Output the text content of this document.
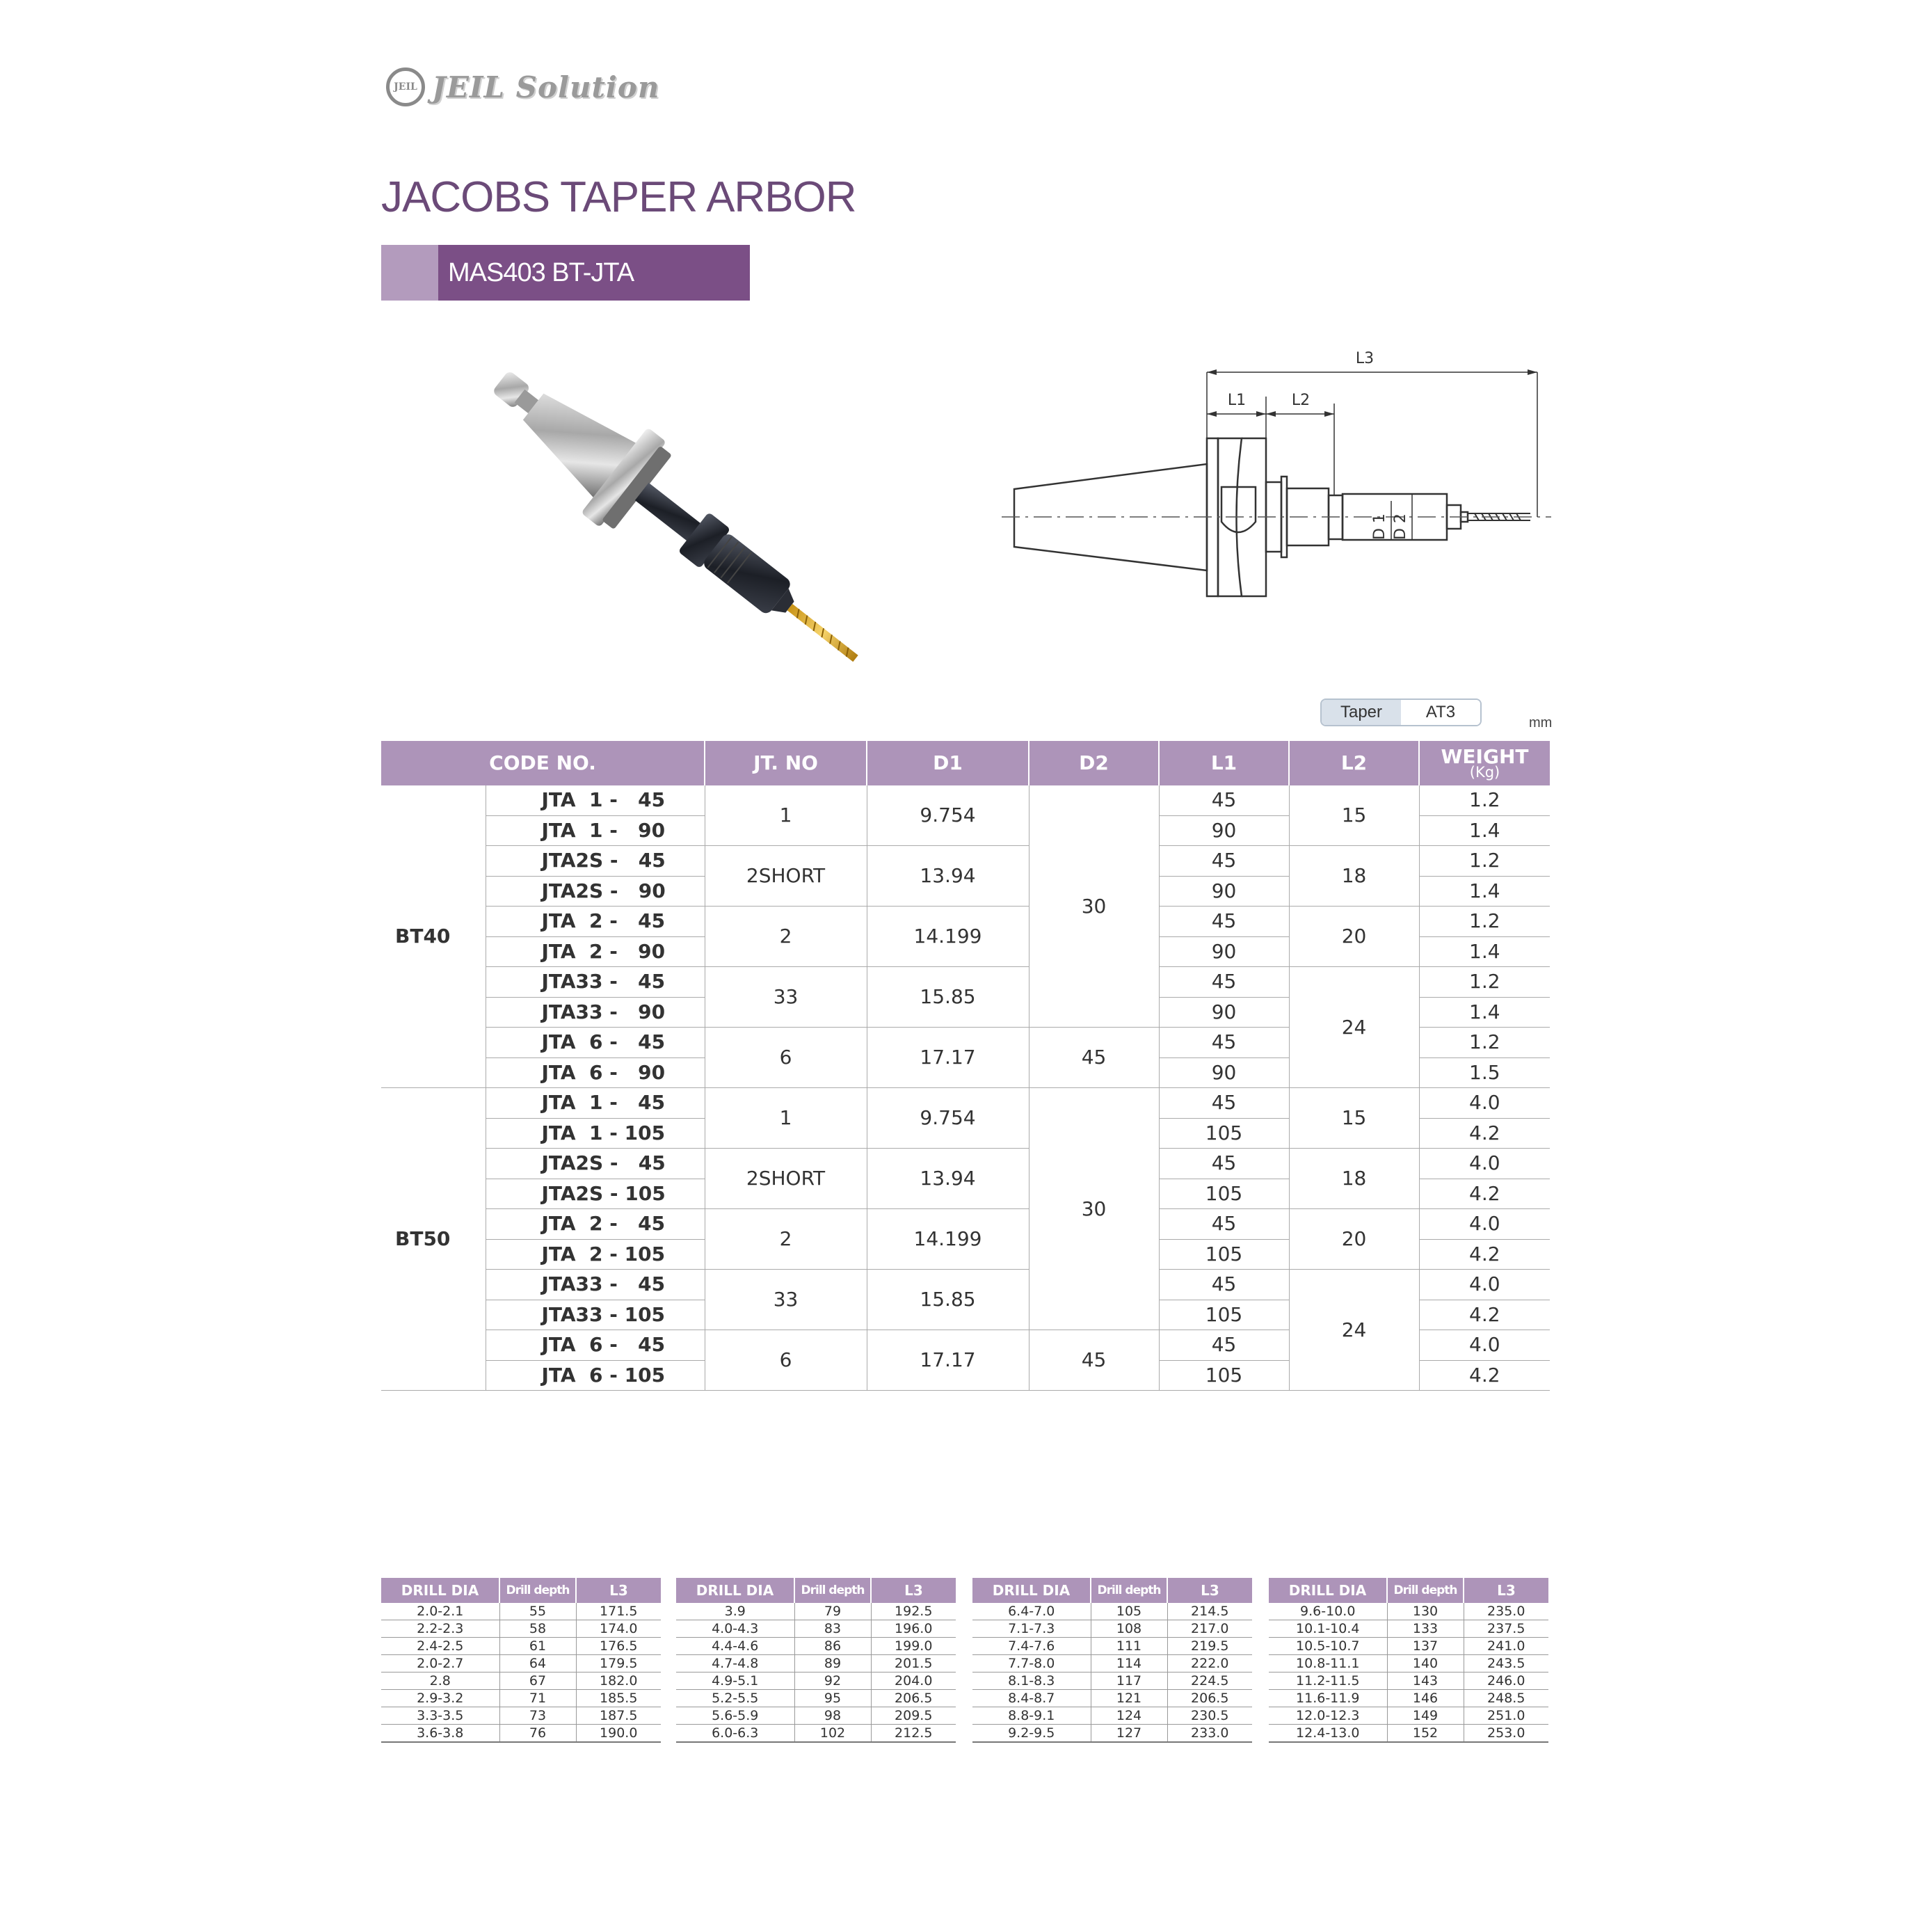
JEIL JEIL Solution
JACOBS TAPER ARBOR
MAS403 BT-JTA
L3
L1	L2
D 1 D 2
Taper	AT3
mm
CODE NO.		JT. NO	D1	D2	L1	L2	WEIGHT
(Kg)

BT40	JTA  1 -   45	1	9.754	30	45	15	1.2
	JTA  1 -   90				90		1.4
	JTA2S -   45	2SHORT	13.94		45	18	1.2
	JTA2S -   90				90		1.4
	JTA  2 -   45	2	14.199		45	20	1.2
	JTA  2 -   90				90		1.4
	JTA33 -   45	33	15.85		45	24	1.2
	JTA33 -   90				90		1.4
	JTA  6 -   45	6	17.17	45	45		1.2
	JTA  6 -   90				90		1.5
BT50	JTA  1 -   45	1	9.754	30	45	15	4.0
	JTA  1 - 105				105		4.2
	JTA2S -   45	2SHORT	13.94		45	18	4.0
	JTA2S - 105				105		4.2
	JTA  2 -   45	2	14.199		45	20	4.0
	JTA  2 - 105				105		4.2
	JTA33 -   45	33	15.85		45	24	4.0
	JTA33 - 105				105		4.2
	JTA  6 -   45	6	17.17	45	45		4.0
	JTA  6 - 105				105		4.2
DRILL DIA	Drill depth	L3
2.0-2.1	55	171.5
2.2-2.3	58	174.0
2.4-2.5	61	176.5
2.0-2.7	64	179.5
2.8	67	182.0
2.9-3.2	71	185.5
3.3-3.5	73	187.5
3.6-3.8	76	190.0
DRILL DIA	Drill depth	L3
3.9	79	192.5
4.0-4.3	83	196.0
4.4-4.6	86	199.0
4.7-4.8	89	201.5
4.9-5.1	92	204.0
5.2-5.5	95	206.5
5.6-5.9	98	209.5
6.0-6.3	102	212.5
DRILL DIA	Drill depth	L3
6.4-7.0	105	214.5
7.1-7.3	108	217.0
7.4-7.6	111	219.5
7.7-8.0	114	222.0
8.1-8.3	117	224.5
8.4-8.7	121	206.5
8.8-9.1	124	230.5
9.2-9.5	127	233.0
DRILL DIA	Drill depth	L3
9.6-10.0	130	235.0
10.1-10.4	133	237.5
10.5-10.7	137	241.0
10.8-11.1	140	243.5
11.2-11.5	143	246.0
11.6-11.9	146	248.5
12.0-12.3	149	251.0
12.4-13.0	152	253.0
